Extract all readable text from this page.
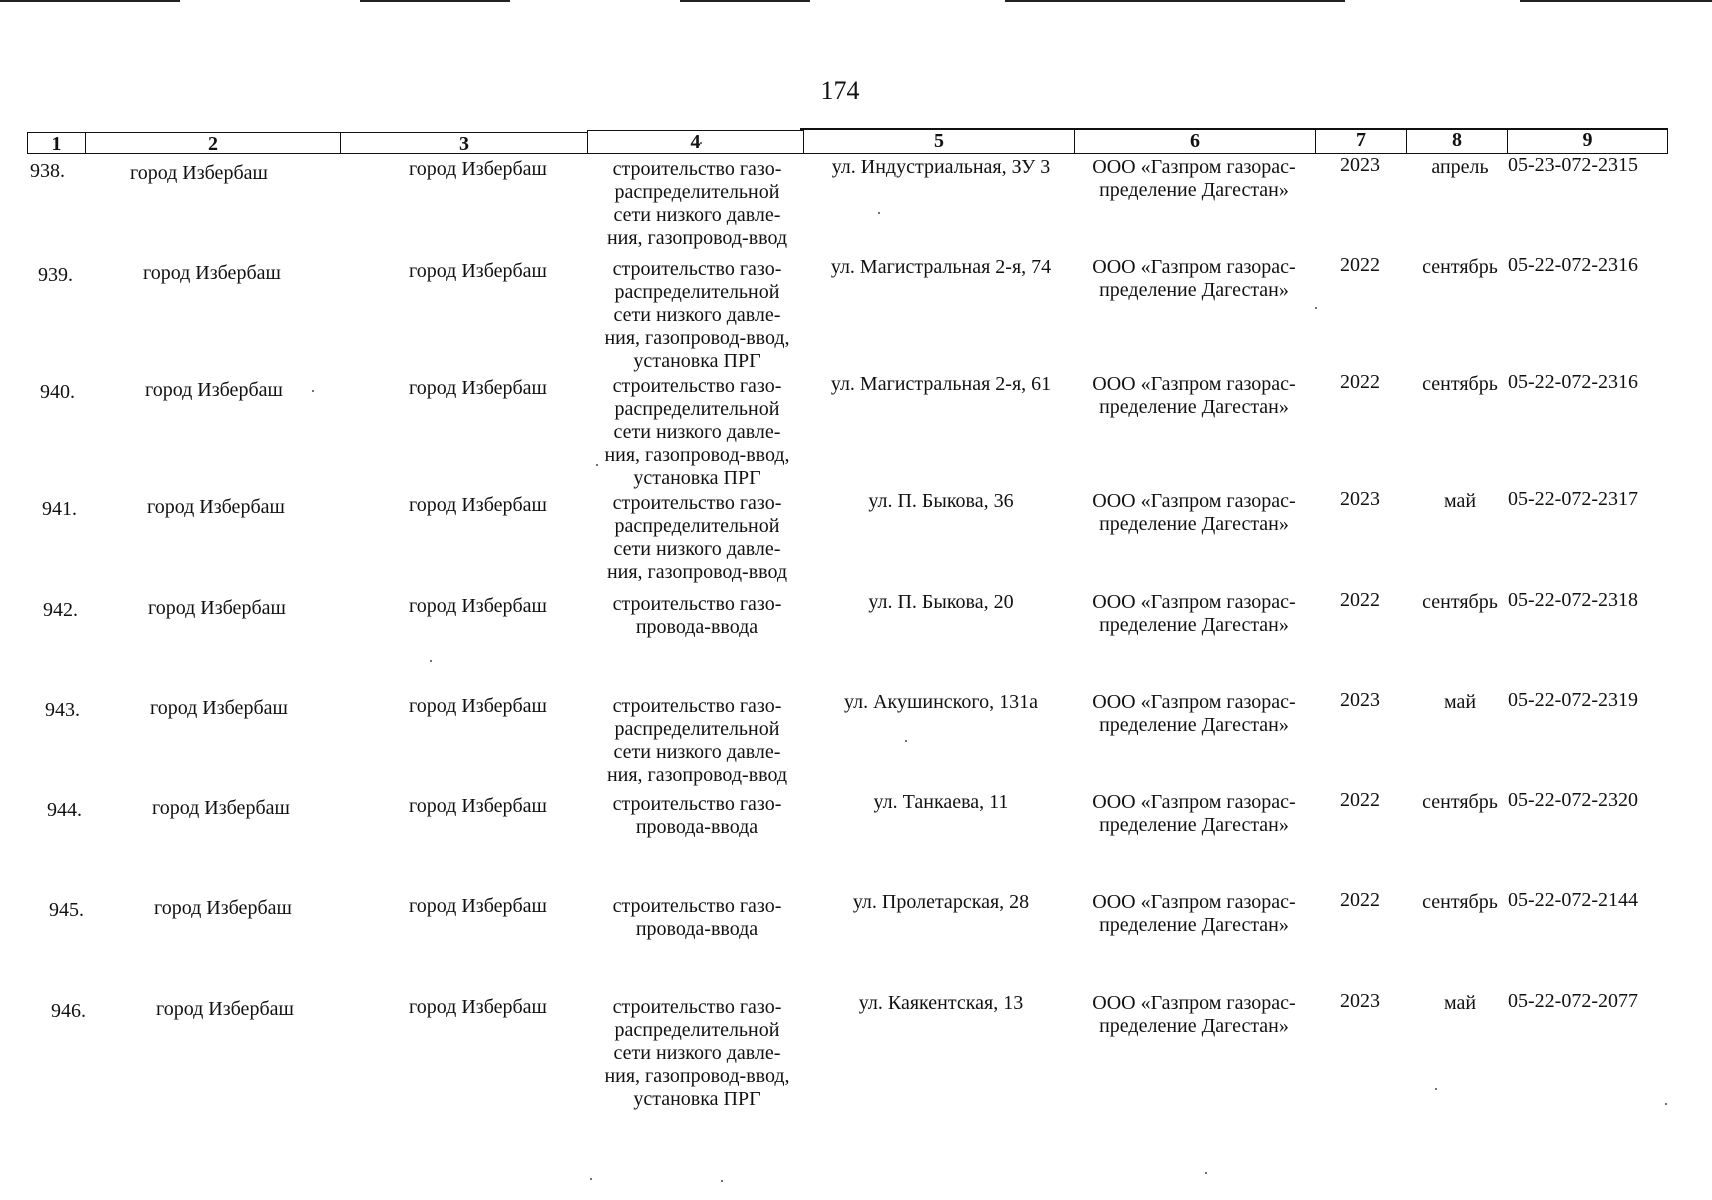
174
1	2	3	4	5	6	7	8	9
938.	город Избербаш	город Избербаш	строительство газо-
распределительной
сети низкого давле-
ния, газопровод-ввод
ул. Индустриальная, ЗУ 3	ООО «Газпром газорас-
пределение Дагестан»
2023	апрель 05-23-072-2315
939.	город Избербаш	город Избербаш	строительство газо-
распределительной
сети низкого давле-
ния, газопровод-ввод,
установка ПРГ
ул. Магистральная 2-я, 74	ООО «Газпром газорас-
пределение Дагестан»
2022	сентябрь 05-22-072-2316
940.	город Избербаш	город Избербаш	строительство газо-
распределительной
сети низкого давле-
ния, газопровод-ввод,
установка ПРГ
ул. Магистральная 2-я, 61	ООО «Газпром газорас-
пределение Дагестан»
2022	сентябрь 05-22-072-2316
941.	город Избербаш	город Избербаш	строительство газо-
распределительной
сети низкого давле-
ния, газопровод-ввод
ул. П. Быкова, 36	ООО «Газпром газорас-
пределение Дагестан»
2023	май	05-22-072-2317
942.	город Избербаш	город Избербаш	строительство газо-
провода-ввода
ул. П. Быкова, 20	ООО «Газпром газорас-
пределение Дагестан»
2022	сентябрь 05-22-072-2318
943.	город Избербаш	город Избербаш	строительство газо-
распределительной
сети низкого давле-
ния, газопровод-ввод
ул. Акушинского, 131а	ООО «Газпром газорас-
пределение Дагестан»
2023	май	05-22-072-2319
944.	город Избербаш	город Избербаш	строительство газо-
провода-ввода
ул. Танкаева, 11	ООО «Газпром газорас-
пределение Дагестан»
2022	сентябрь 05-22-072-2320
945.	город Избербаш	город Избербаш	строительство газо-
провода-ввода
ул. Пролетарская, 28	ООО «Газпром газорас-
пределение Дагестан»
2022	сентябрь 05-22-072-2144
946.	город Избербаш	город Избербаш	строительство газо-
распределительной
сети низкого давле-
ния, газопровод-ввод,
установка ПРГ
ул. Каякентская, 13	ООО «Газпром газорас-
пределение Дагестан»
2023	май	05-22-072-2077
